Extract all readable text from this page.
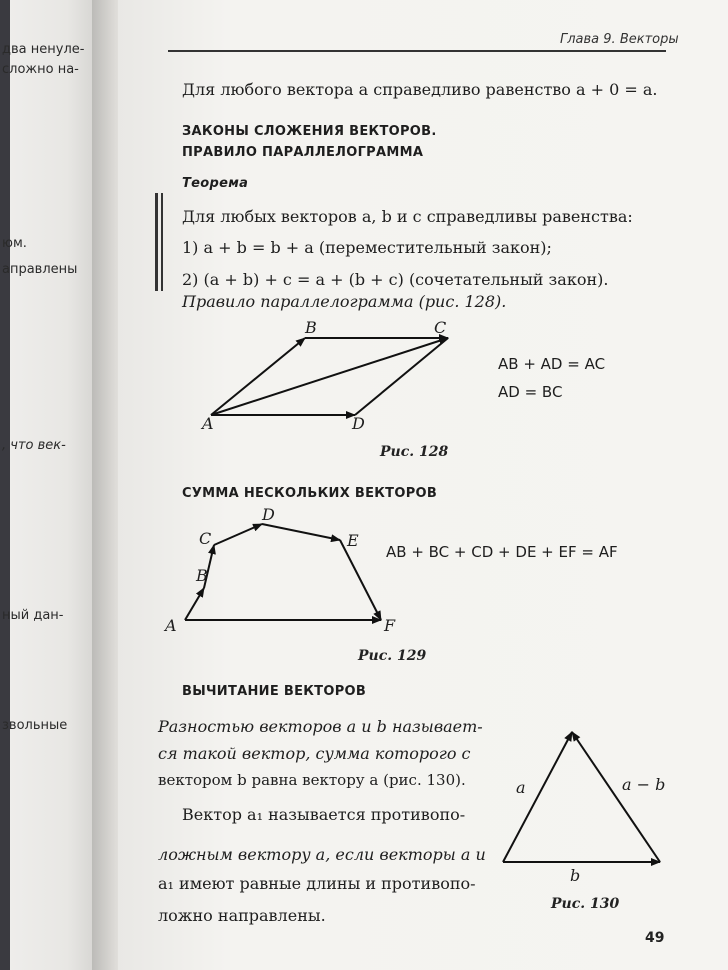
два ненуле-
сложно на-
юм.
аправлены
, что век-
ный дан-
звольные
Глава 9. Векторы
Для любого вектора a справедливо равенство a + 0 = a.
ЗАКОНЫ СЛОЖЕНИЯ ВЕКТОРОВ.
ПРАВИЛО ПАРАЛЛЕЛОГРАММА
Теорема
Для любых векторов a, b и c справедливы равенства:
1) a + b = b + a (переместительный закон);
2) (a + b) + c = a + (b + c) (сочетательный закон).
Правило параллелограмма (рис. 128).
B	C
A	D
AB + AD = AC
AD = BC
Рис. 128
СУММА НЕСКОЛЬКИХ ВЕКТОРОВ
A
B
C
D
E
F
AB + BC + CD + DE + EF = AF
Рис. 129
ВЫЧИТАНИЕ ВЕКТОРОВ
Разностью векторов a и b называет-
ся такой вектор, сумма которого с
вектором b равна вектору a (рис. 130).
Вектор a₁ называется противопо-
ложным вектору a, если векторы a и
a₁ имеют равные длины и противопо-
ложно направлены.
a	a − b
b
Рис. 130
49
